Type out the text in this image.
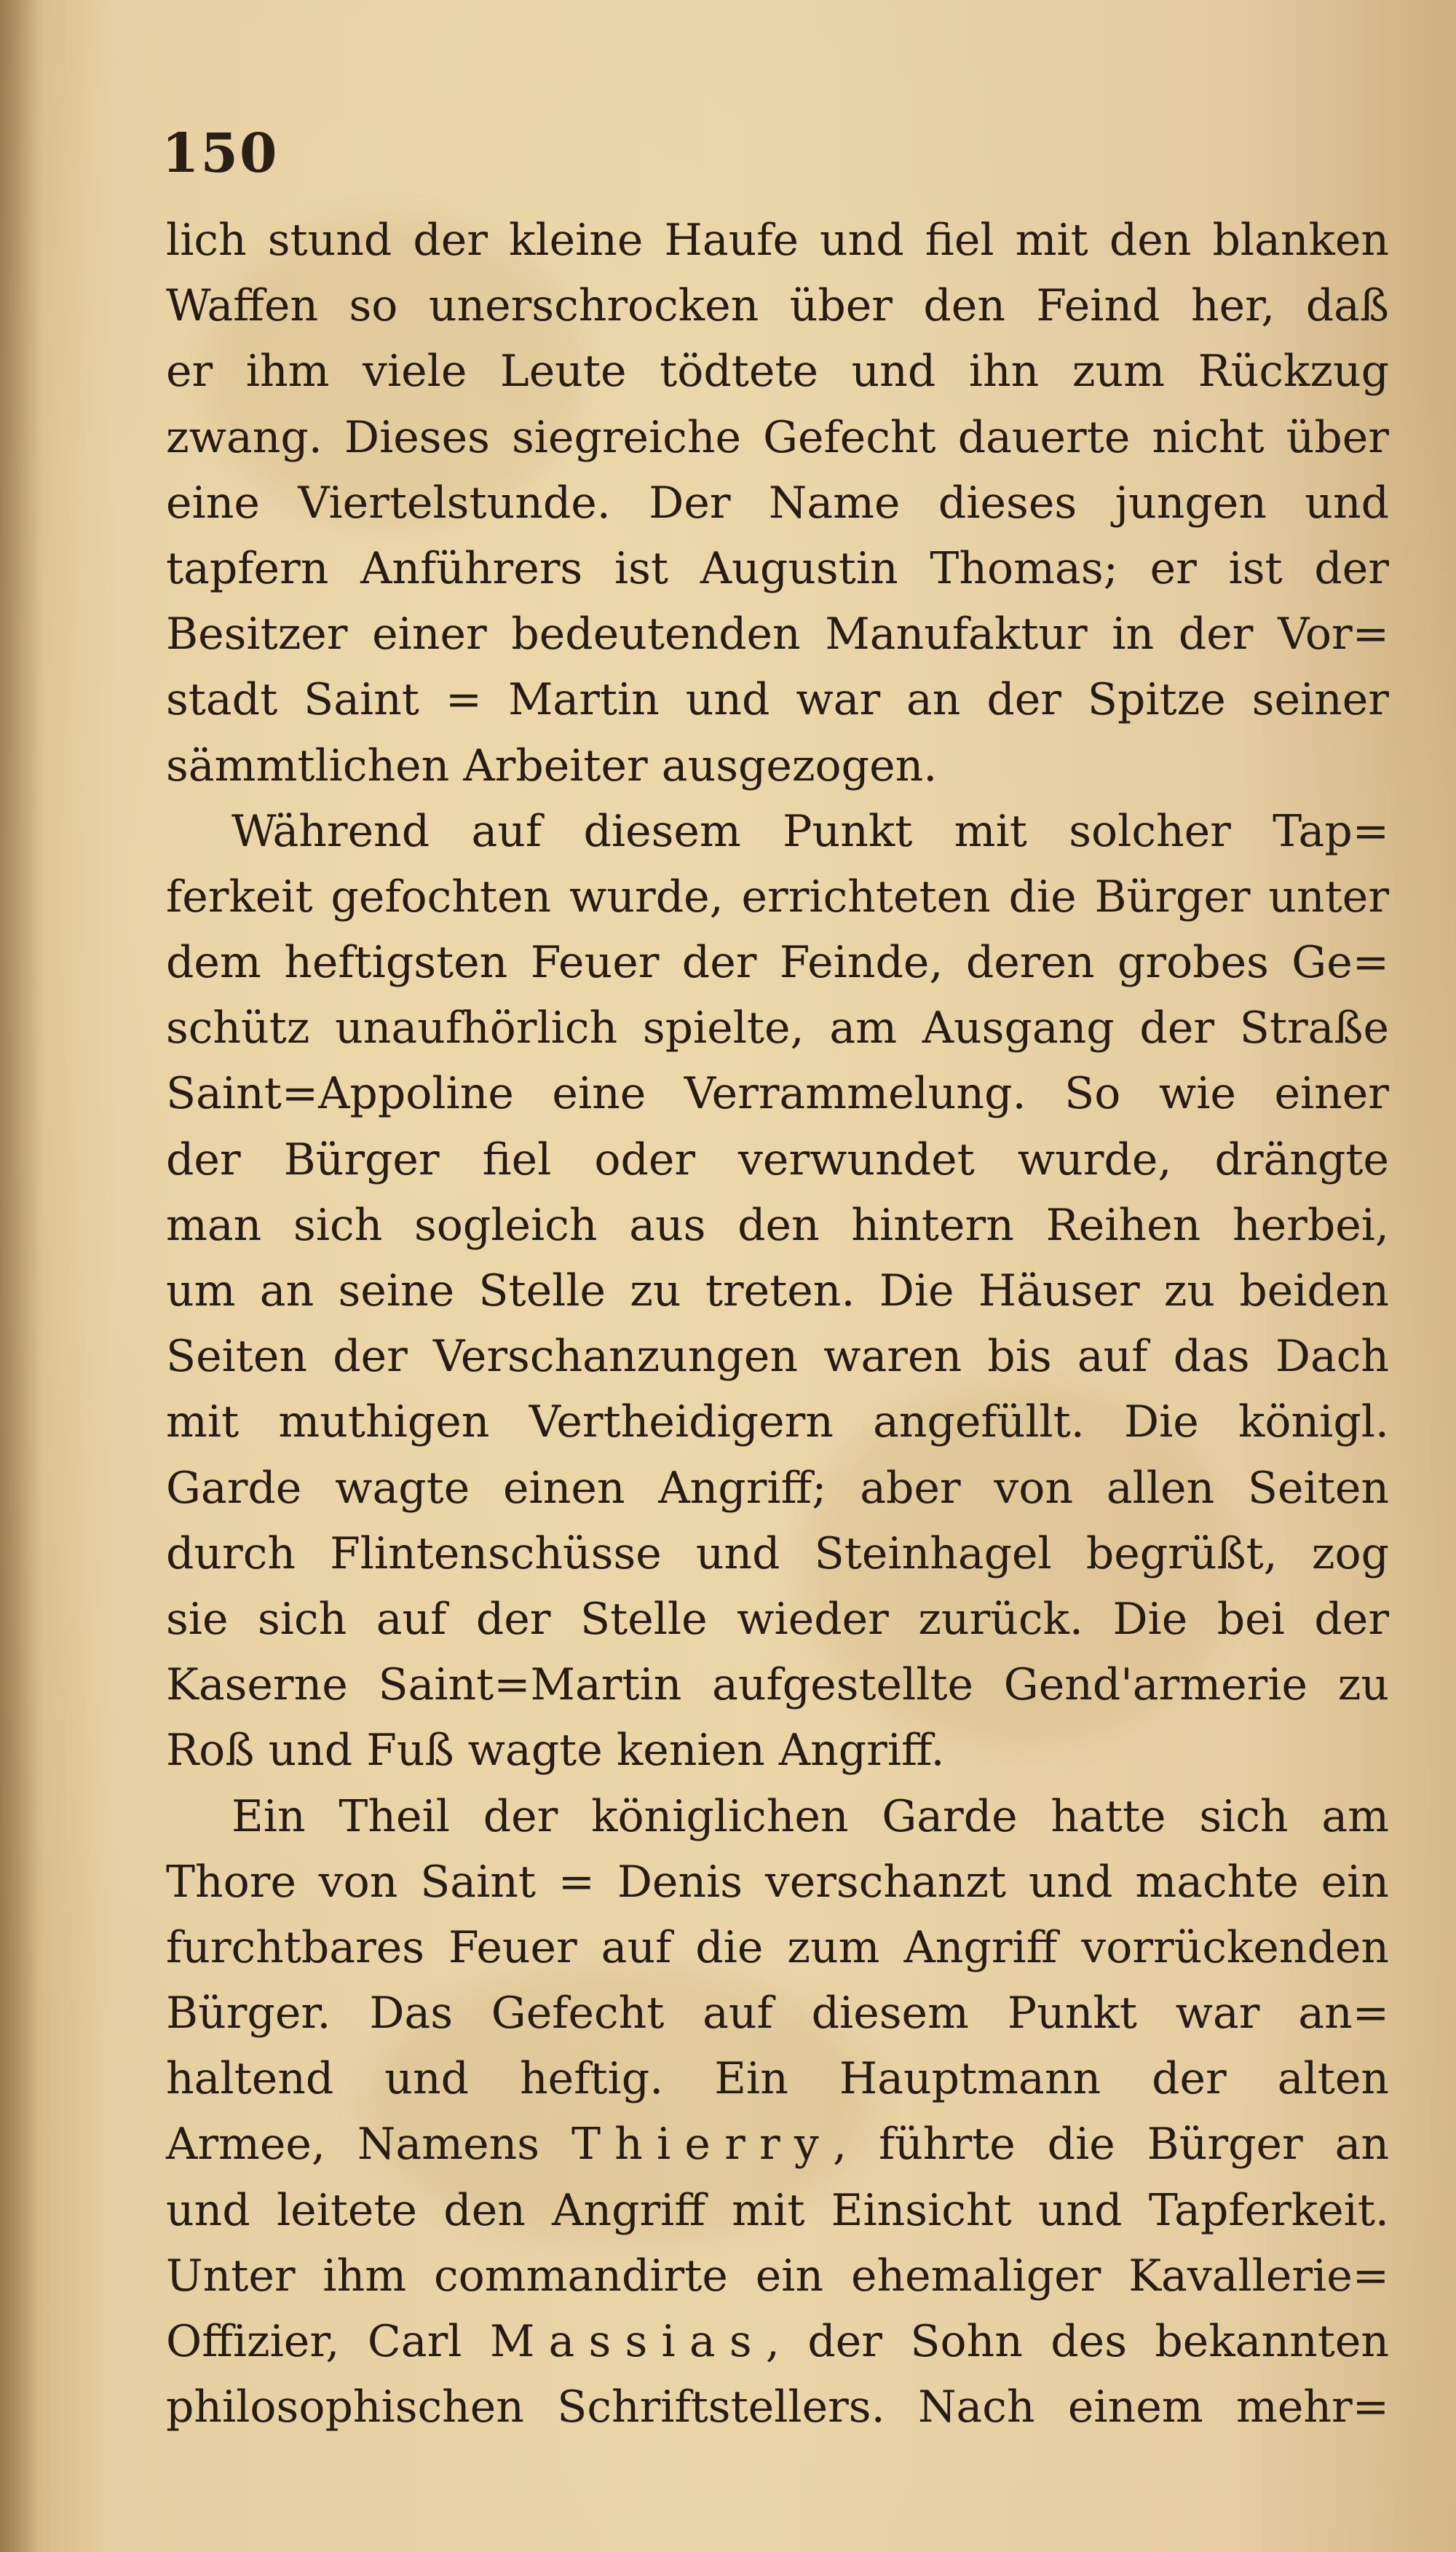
150
lich stund der kleine Haufe und fiel mit den blanken
Waffen so unerschrocken über den Feind her, daß
er ihm viele Leute tödtete und ihn zum Rückzug
zwang. Dieses siegreiche Gefecht dauerte nicht über
eine Viertelstunde. Der Name dieses jungen und
tapfern Anführers ist Augustin Thomas; er ist der
Besitzer einer bedeutenden Manufaktur in der Vor=
stadt Saint = Martin und war an der Spitze seiner
sämmtlichen Arbeiter ausgezogen.
Während auf diesem Punkt mit solcher Tap=
ferkeit gefochten wurde, errichteten die Bürger unter
dem heftigsten Feuer der Feinde, deren grobes Ge=
schütz unaufhörlich spielte, am Ausgang der Straße
Saint=Appoline eine Verrammelung. So wie einer
der Bürger fiel oder verwundet wurde, drängte
man sich sogleich aus den hintern Reihen herbei,
um an seine Stelle zu treten. Die Häuser zu beiden
Seiten der Verschanzungen waren bis auf das Dach
mit muthigen Vertheidigern angefüllt. Die königl.
Garde wagte einen Angriff; aber von allen Seiten
durch Flintenschüsse und Steinhagel begrüßt, zog
sie sich auf der Stelle wieder zurück. Die bei der
Kaserne Saint=Martin aufgestellte Gend'armerie zu
Roß und Fuß wagte kenien Angriff.
Ein Theil der königlichen Garde hatte sich am
Thore von Saint = Denis verschanzt und machte ein
furchtbares Feuer auf die zum Angriff vorrückenden
Bürger. Das Gefecht auf diesem Punkt war an=
haltend und heftig. Ein Hauptmann der alten
Armee, Namens Thierry, führte die Bürger an
und leitete den Angriff mit Einsicht und Tapferkeit.
Unter ihm commandirte ein ehemaliger Kavallerie=
Offizier, Carl Massias, der Sohn des bekannten
philosophischen Schriftstellers. Nach einem mehr=
